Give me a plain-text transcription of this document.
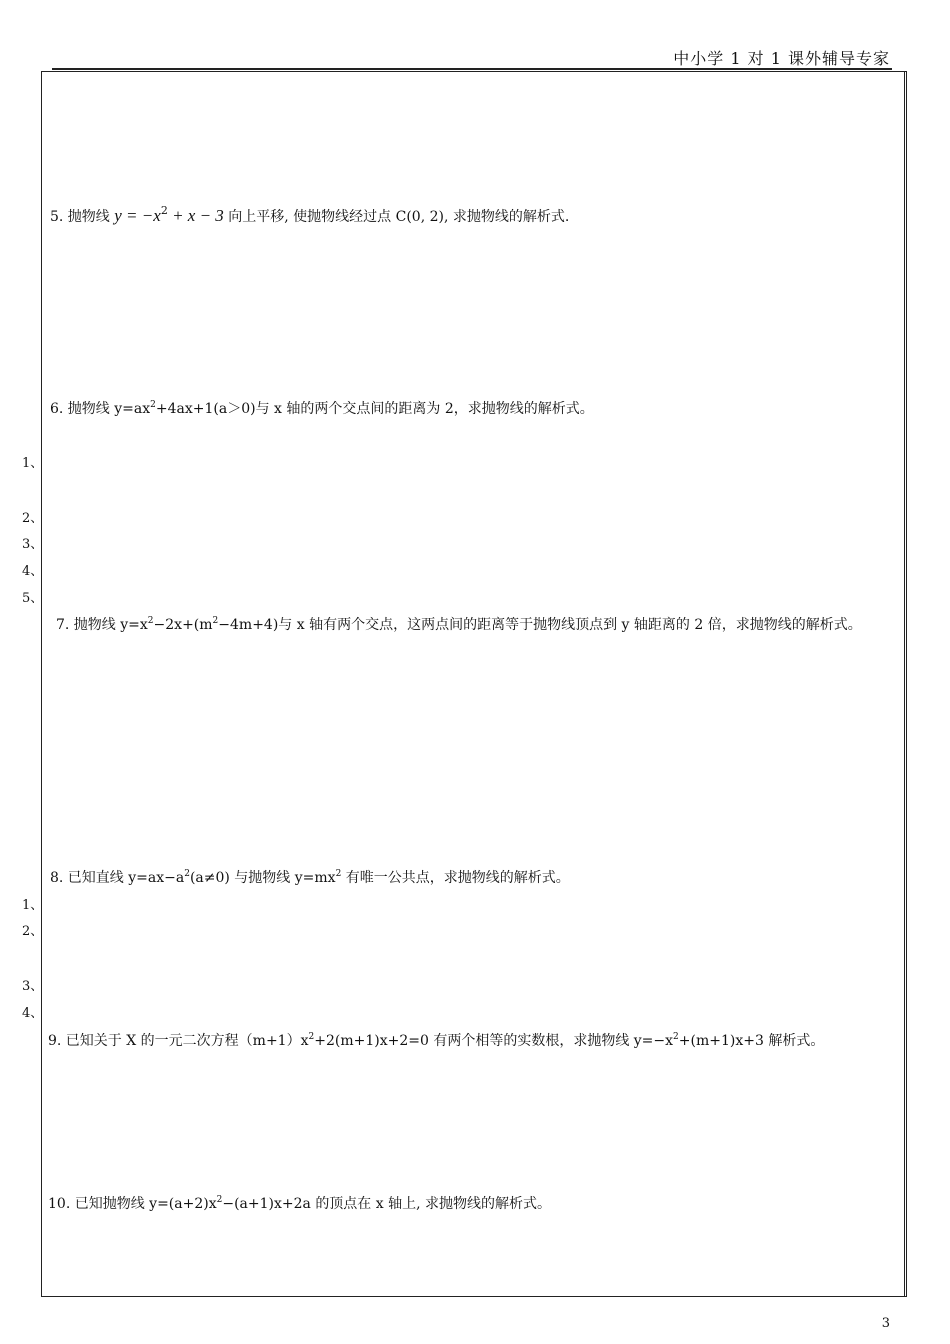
中小学 1 对 1 课外辅导专家
5. 抛物线 $y = -x^2 + x - 3$ 向上平移, 使抛物线经过点 C(0, 2), 求抛物线的解析式.
6. 抛物线 $y=ax^2+4ax+1(a>0)$与 x 轴的两个交点间的距离为 2，求抛物线的解析式。
1、
2、
3、
4、
5、
7. 抛物线 $y=x^2-2x+(m^2-4m+4)$与 x 轴有两个交点，这两点间的距离等于抛物线顶点到 y 轴距离的 2 倍，求抛物线的解析式。
8. 已知直线 $y=ax-a^2(a\ne 0)$ 与抛物线 $y=mx^2$ 有唯一公共点，求抛物线的解析式。
1、
2、
3、
4、
9. 已知关于 X 的一元二次方程$(m+1)x^2+2(m+1)x+2=0$ 有两个相等的实数根，求抛物线 $y=-x^2+(m+1)x+3$ 解析式。
10. 已知抛物线 $y=(a+2)x^2-(a+1)x+2a$ 的顶点在 x 轴上, 求抛物线的解析式。
3
